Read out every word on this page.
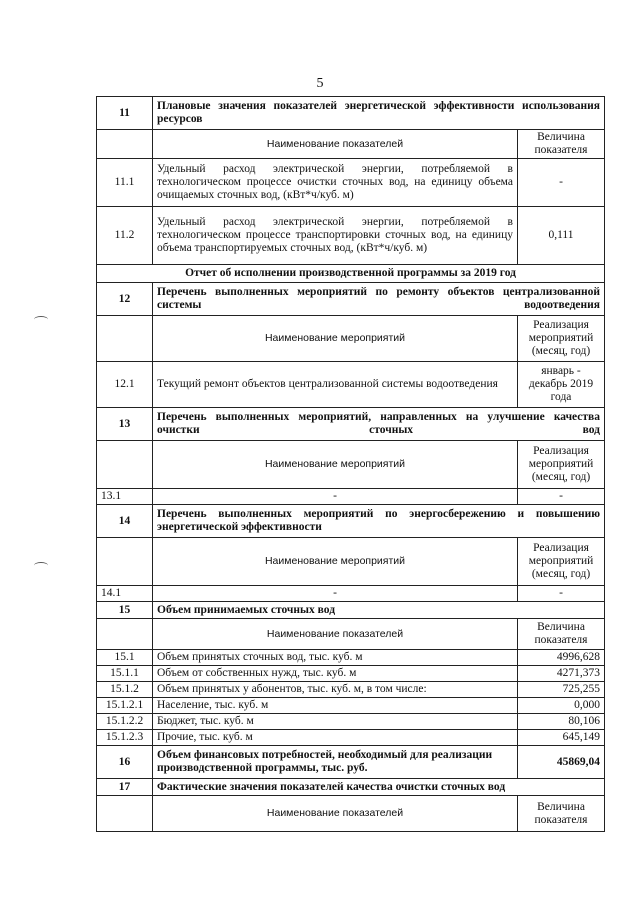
5
11	Плановые значения показателей энергетической эффективности использования ресурсов	
	Наименование показателей	Величина показателя
11.1	Удельный расход электрической энергии, потребляемой в технологическом процессе очистки сточных вод, на единицу объема очищаемых сточных вод, (кВт*ч/куб. м)	-
11.2	Удельный расход электрической энергии, потребляемой в технологическом процессе транспортировки сточных вод, на единицу объема транспортируемых сточных вод, (кВт*ч/куб. м)	0,111
Отчет об исполнении производственной программы за 2019 год		
12	Перечень выполненных мероприятий по ремонту объектов централизованной системы водоотведения	
	Наименование мероприятий	Реализация мероприятий (месяц, год)
12.1	Текущий ремонт объектов централизованной системы водоотведения	январь - декабрь 2019 года
13	Перечень выполненных мероприятий, направленных на улучшение качества очистки сточных вод	
	Наименование мероприятий	Реализация мероприятий (месяц, год)
13.1	-	-
14	Перечень выполненных мероприятий по энергосбережению и повышению энергетической эффективности	
	Наименование мероприятий	Реализация мероприятий (месяц, год)
14.1	-	-
15	Объем принимаемых сточных вод	
	Наименование показателей	Величина показателя
15.1	Объем принятых сточных вод, тыс. куб. м	4996,628
15.1.1	Объем от собственных нужд, тыс. куб. м	4271,373
15.1.2	Объем принятых у абонентов, тыс. куб. м, в том числе:	725,255
15.1.2.1	Население, тыс. куб. м	0,000
15.1.2.2	Бюджет, тыс. куб. м	80,106
15.1.2.3	Прочие, тыс. куб. м	645,149
16	Объем финансовых потребностей, необходимый для реализации производственной программы, тыс. руб.	45869,04
17	Фактические значения показателей качества очистки сточных вод	
	Наименование показателей	Величина показателя
